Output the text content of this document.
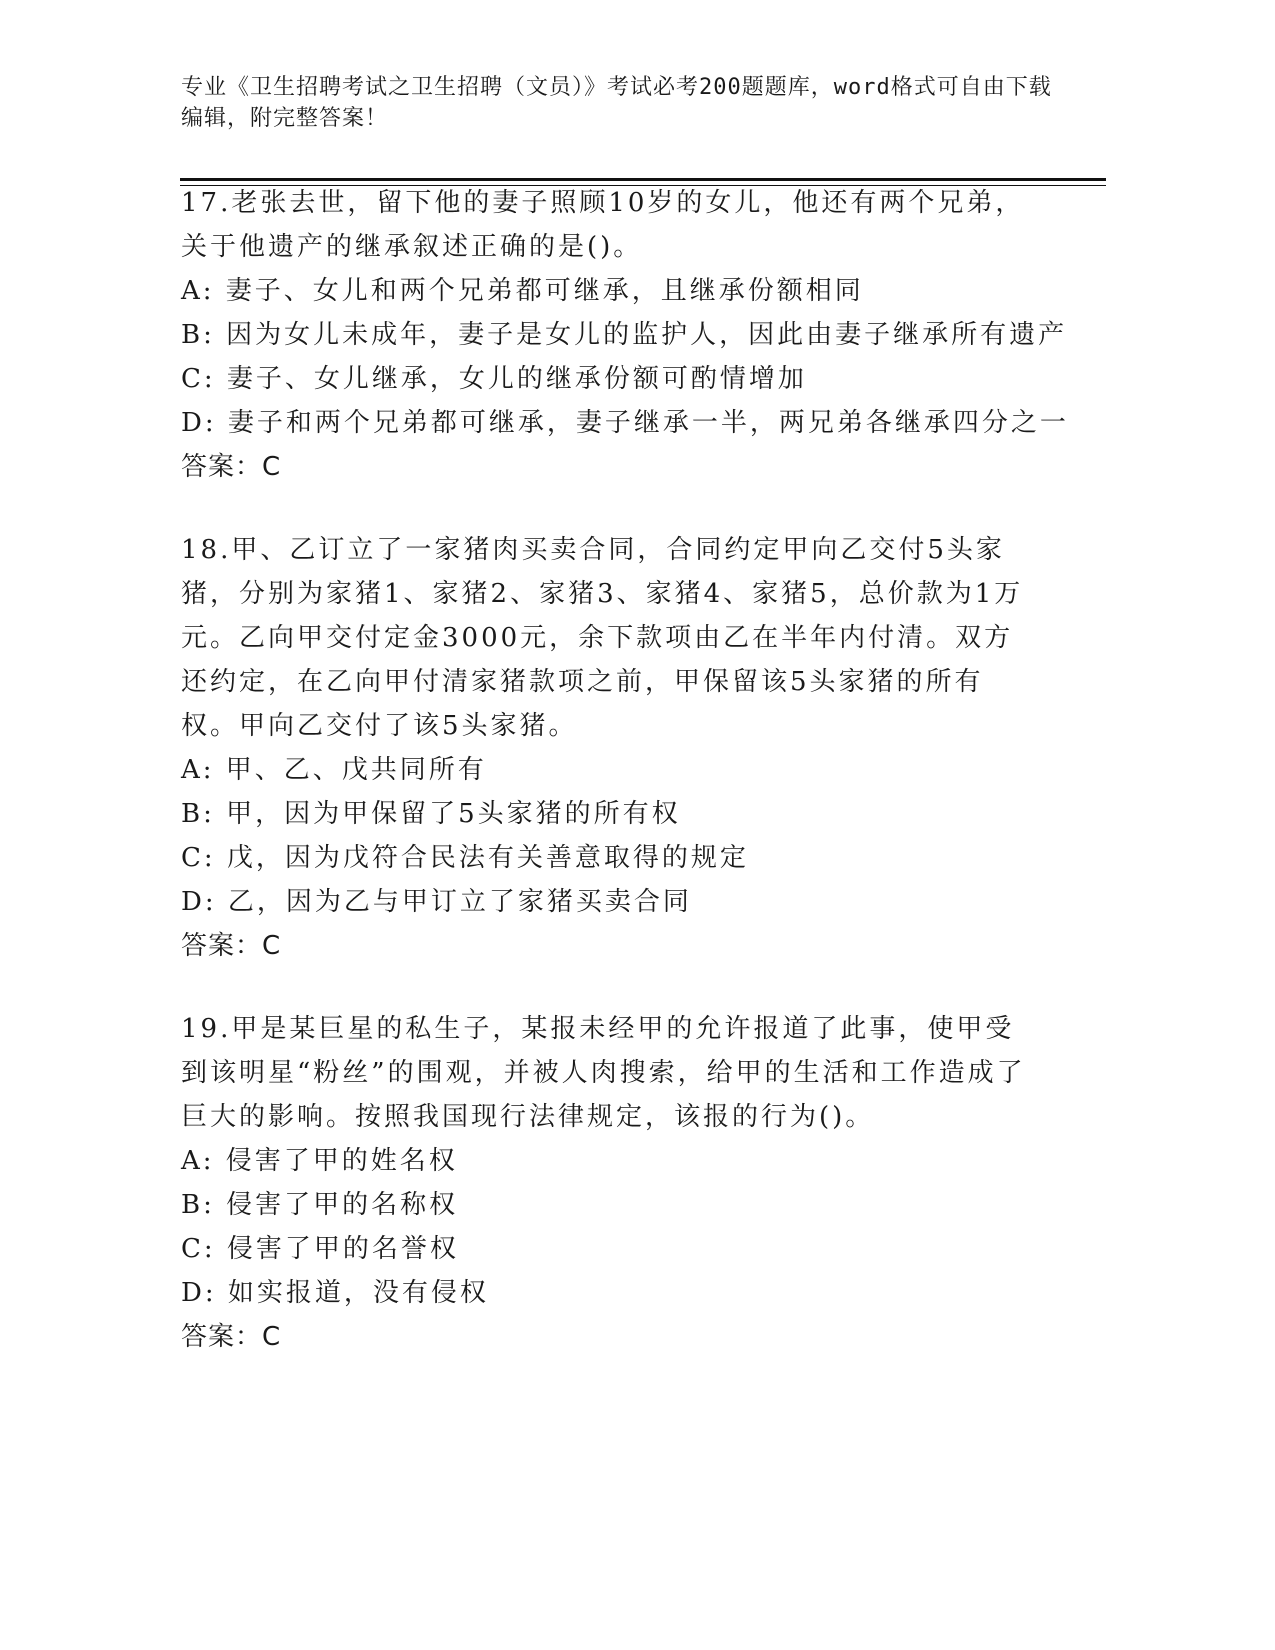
专业《卫生招聘考试之卫生招聘（文员）》考试必考200题题库，word格式可自由下载编辑，附完整答案！
17.老张去世，留下他的妻子照顾10岁的女儿，他还有两个兄弟，关于他遗产的继承叙述正确的是()。
A: 妻子、女儿和两个兄弟都可继承，且继承份额相同
B: 因为女儿未成年，妻子是女儿的监护人，因此由妻子继承所有遗产
C: 妻子、女儿继承，女儿的继承份额可酌情增加
D: 妻子和两个兄弟都可继承，妻子继承一半，两兄弟各继承四分之一
答案：C
18.甲、乙订立了一家猪肉买卖合同，合同约定甲向乙交付5头家猪，分别为家猪1、家猪2、家猪3、家猪4、家猪5，总价款为1万元。乙向甲交付定金3000元，余下款项由乙在半年内付清。双方还约定，在乙向甲付清家猪款项之前，甲保留该5头家猪的所有权。甲向乙交付了该5头家猪。
A: 甲、乙、戊共同所有
B: 甲，因为甲保留了5头家猪的所有权
C: 戊，因为戊符合民法有关善意取得的规定
D: 乙，因为乙与甲订立了家猪买卖合同
答案：C
19.甲是某巨星的私生子，某报未经甲的允许报道了此事，使甲受到该明星“粉丝”的围观，并被人肉搜索，给甲的生活和工作造成了巨大的影响。按照我国现行法律规定，该报的行为()。
A: 侵害了甲的姓名权
B: 侵害了甲的名称权
C: 侵害了甲的名誉权
D: 如实报道，没有侵权
答案：C
